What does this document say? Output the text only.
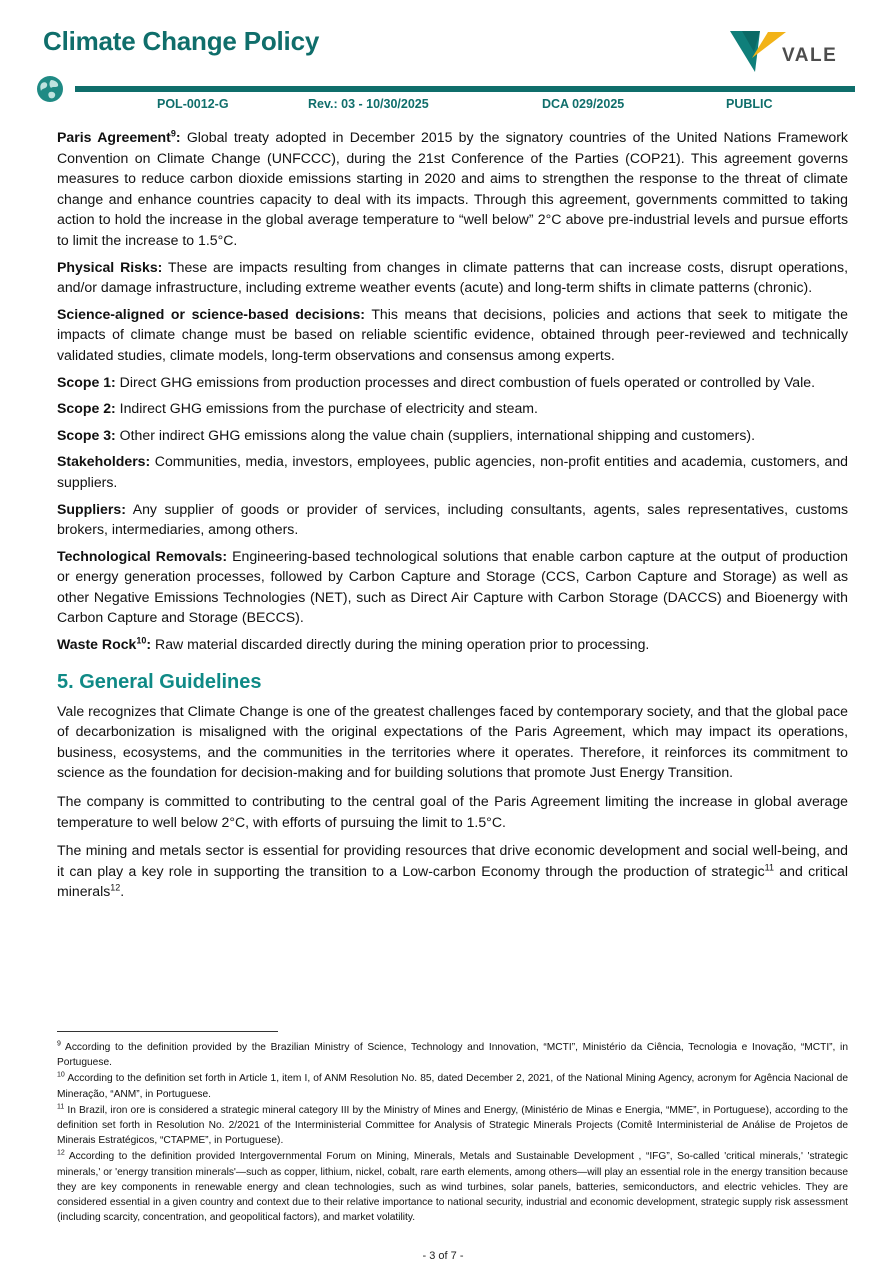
Climate Change Policy	VALE
POL-0012-G	Rev.: 03 - 10/30/2025	DCA 029/2025	PUBLIC

Paris Agreement$^9$: Global treaty adopted in December 2015 by the signatory countries of the United Nations Framework Convention on Climate Change (UNFCCC), during the 21st Conference of the Parties (COP21). This agreement governs measures to reduce carbon dioxide emissions starting in 2020 and aims to strengthen the response to the threat of climate change and enhance countries capacity to deal with its impacts. Through this agreement, governments committed to taking action to hold the increase in the global average temperature to “well below” 2°C above pre-industrial levels and pursue efforts to limit the increase to 1.5°C.

Physical Risks: These are impacts resulting from changes in climate patterns that can increase costs, disrupt operations, and/or damage infrastructure, including extreme weather events (acute) and long-term shifts in climate patterns (chronic).

Science-aligned or science-based decisions: This means that decisions, policies and actions that seek to mitigate the impacts of climate change must be based on reliable scientific evidence, obtained through peer-reviewed and technically validated studies, climate models, long-term observations and consensus among experts.

Scope 1: Direct GHG emissions from production processes and direct combustion of fuels operated or controlled by Vale.

Scope 2: Indirect GHG emissions from the purchase of electricity and steam.

Scope 3: Other indirect GHG emissions along the value chain (suppliers, international shipping and customers).

Stakeholders: Communities, media, investors, employees, public agencies, non-profit entities and academia, customers, and suppliers.

Suppliers: Any supplier of goods or provider of services, including consultants, agents, sales representatives, customs brokers, intermediaries, among others.

Technological Removals: Engineering-based technological solutions that enable carbon capture at the output of production or energy generation processes, followed by Carbon Capture and Storage (CCS, Carbon Capture and Storage) as well as other Negative Emissions Technologies (NET), such as Direct Air Capture with Carbon Storage (DACCS) and Bioenergy with Carbon Capture and Storage (BECCS).

Waste Rock$^{10}$: Raw material discarded directly during the mining operation prior to processing.

5. General Guidelines

Vale recognizes that Climate Change is one of the greatest challenges faced by contemporary society, and that the global pace of decarbonization is misaligned with the original expectations of the Paris Agreement, which may impact its operations, business, ecosystems, and the communities in the territories where it operates. Therefore, it reinforces its commitment to science as the foundation for decision-making and for building solutions that promote Just Energy Transition.

The company is committed to contributing to the central goal of the Paris Agreement limiting the increase in global average temperature to well below 2°C, with efforts of pursuing the limit to 1.5°C.

The mining and metals sector is essential for providing resources that drive economic development and social well-being, and it can play a key role in supporting the transition to a Low-carbon Economy through the production of strategic$^{11}$ and critical minerals$^{12}$.

$^9$ According to the definition provided by the Brazilian Ministry of Science, Technology and Innovation, “MCTI”, Ministério da Ciência, Tecnologia e Inovação, “MCTI”, in Portuguese.

$^{10}$ According to the definition set forth in Article 1, item I, of ANM Resolution No. 85, dated December 2, 2021, of the National Mining Agency, acronym for Agência Nacional de Mineração, “ANM”, in Portuguese.

$^{11}$ In Brazil, iron ore is considered a strategic mineral category III by the Ministry of Mines and Energy, (Ministério de Minas e Energia, “MME”, in Portuguese), according to the definition set forth in Resolution No. 2/2021 of the Interministerial Committee for Analysis of Strategic Minerals Projects (Comitê Interministerial de Análise de Projetos de Minerais Estratégicos, “CTAPME”, in Portuguese).

$^{12}$ According to the definition provided Intergovernmental Forum on Mining, Minerals, Metals and Sustainable Development , “IFG”, So-called 'critical minerals,' 'strategic minerals,' or 'energy transition minerals'—such as copper, lithium, nickel, cobalt, rare earth elements, among others—will play an essential role in the energy transition because they are key components in renewable energy and clean technologies, such as wind turbines, solar panels, batteries, semiconductors, and electric vehicles. They are considered essential in a given country and context due to their relative importance to national security, industrial and economic development, strategic supply risk assessment (including scarcity, concentration, and geopolitical factors), and market volatility.

- 3 of 7 -
